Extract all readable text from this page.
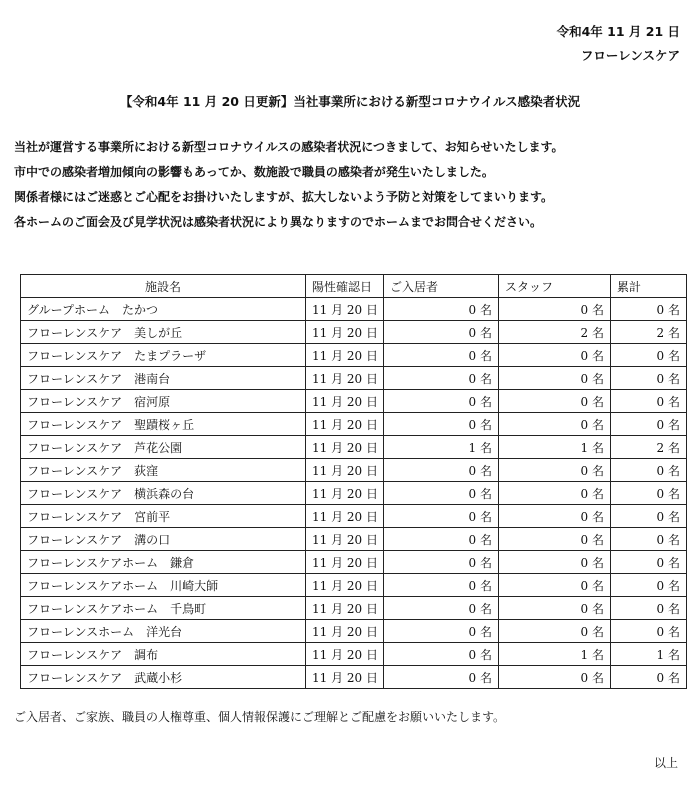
令和4年 11 月 21 日
フローレンスケア
【令和4年 11 月 20 日更新】当社事業所における新型コロナウイルス感染者状況

当社が運営する事業所における新型コロナウイルスの感染者状況につきまして、お知らせいたします。

市中での感染者増加傾向の影響もあってか、数施設で職員の感染者が発生いたしました。

関係者様にはご迷惑とご心配をお掛けいたしますが、拡大しないよう予防と対策をしてまいります。

各ホームのご面会及び見学状況は感染者状況により異なりますのでホームまでお問合せください。

施設名	陽性確認日	ご入居者	スタッフ	累計
グループホーム　たかつ	11 月 20 日	0 名	0 名	0 名
フローレンスケア　美しが丘	11 月 20 日	0 名	2 名	2 名
フローレンスケア　たまプラーザ	11 月 20 日	0 名	0 名	0 名
フローレンスケア　港南台	11 月 20 日	0 名	0 名	0 名
フローレンスケア　宿河原	11 月 20 日	0 名	0 名	0 名
フローレンスケア　聖蹟桜ヶ丘	11 月 20 日	0 名	0 名	0 名
フローレンスケア　芦花公園	11 月 20 日	1 名	1 名	2 名
フローレンスケア　荻窪	11 月 20 日	0 名	0 名	0 名
フローレンスケア　横浜森の台	11 月 20 日	0 名	0 名	0 名
フローレンスケア　宮前平	11 月 20 日	0 名	0 名	0 名
フローレンスケア　溝の口	11 月 20 日	0 名	0 名	0 名
フローレンスケアホーム　鎌倉	11 月 20 日	0 名	0 名	0 名
フローレンスケアホーム　川崎大師	11 月 20 日	0 名	0 名	0 名
フローレンスケアホーム　千鳥町	11 月 20 日	0 名	0 名	0 名
フローレンスホーム　洋光台	11 月 20 日	0 名	0 名	0 名
フローレンスケア　調布	11 月 20 日	0 名	1 名	1 名
フローレンスケア　武蔵小杉	11 月 20 日	0 名	0 名	0 名
ご入居者、ご家族、職員の人権尊重、個人情報保護にご理解とご配慮をお願いいたします。
以上
